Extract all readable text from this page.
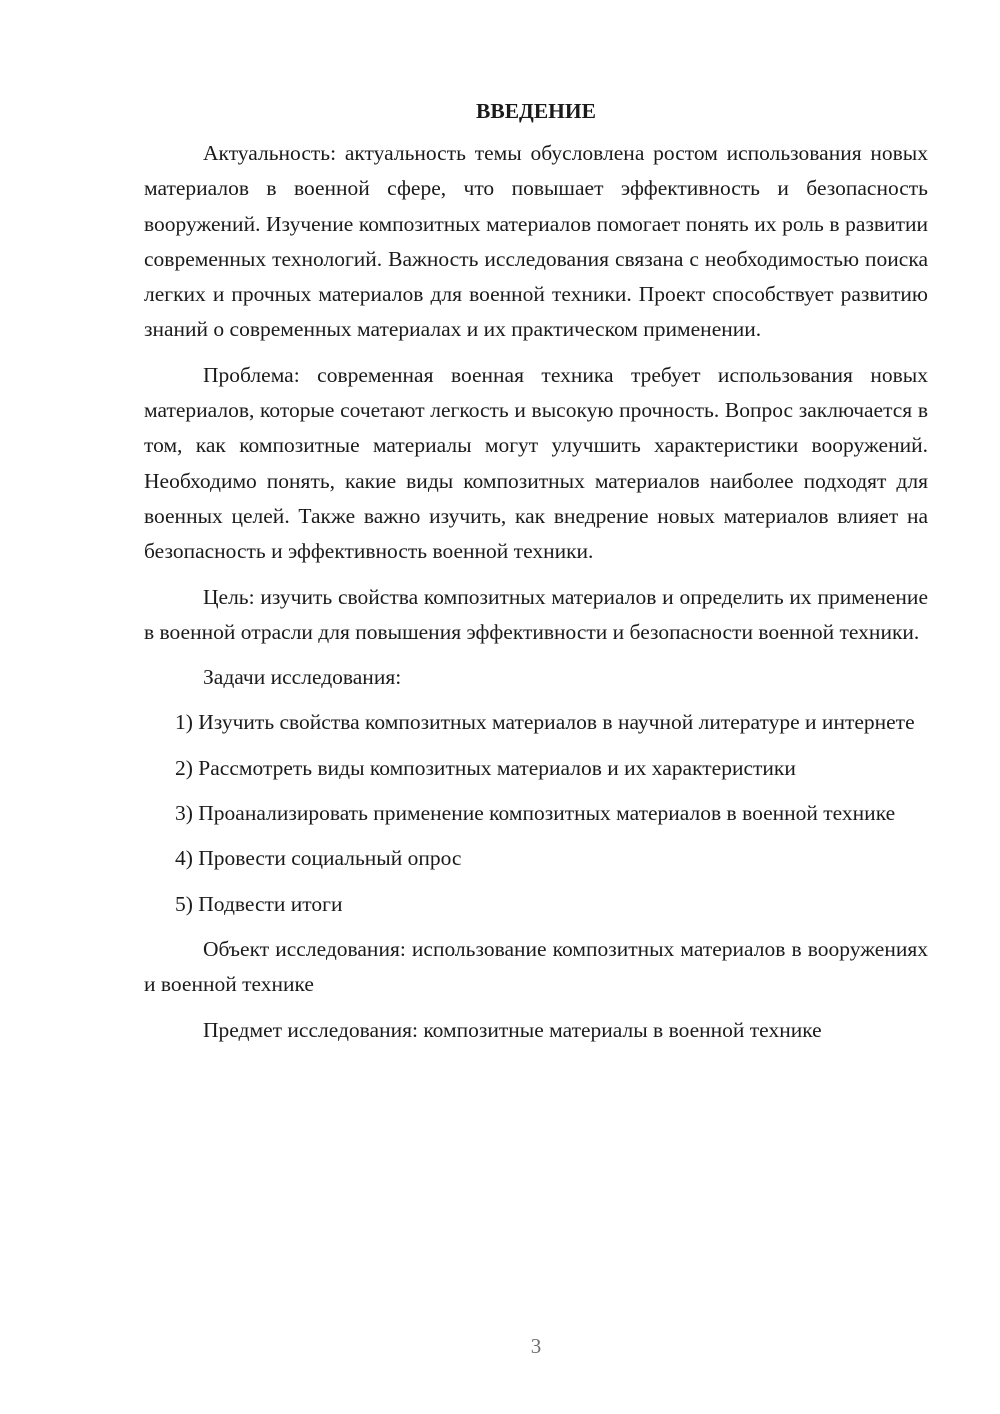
ВВЕДЕНИЕ

Актуальность: актуальность темы обусловлена ростом использования новых материалов в военной сфере, что повышает эффективность и безопасность вооружений. Изучение композитных материалов помогает понять их роль в развитии современных технологий. Важность исследования связана с необходимостью поиска легких и прочных материалов для военной техники. Проект способствует развитию знаний о современных материалах и их практическом применении.

Проблема: современная военная техника требует использования новых материалов, которые сочетают легкость и высокую прочность. Вопрос заключается в том, как композитные материалы могут улучшить характеристики вооружений. Необходимо понять, какие виды композитных материалов наиболее подходят для военных целей. Также важно изучить, как внедрение новых материалов влияет на безопасность и эффективность военной техники.

Цель: изучить свойства композитных материалов и определить их применение в военной отрасли для повышения эффективности и безопасности военной техники.

Задачи исследования:

1) Изучить свойства композитных материалов в научной литературе и интернете

2) Рассмотреть виды композитных материалов и их характеристики

3) Проанализировать применение композитных материалов в военной технике

4) Провести социальный опрос

5) Подвести итоги

Объект исследования: использование композитных материалов в вооружениях и военной технике

Предмет исследования: композитные материалы в военной технике

3
